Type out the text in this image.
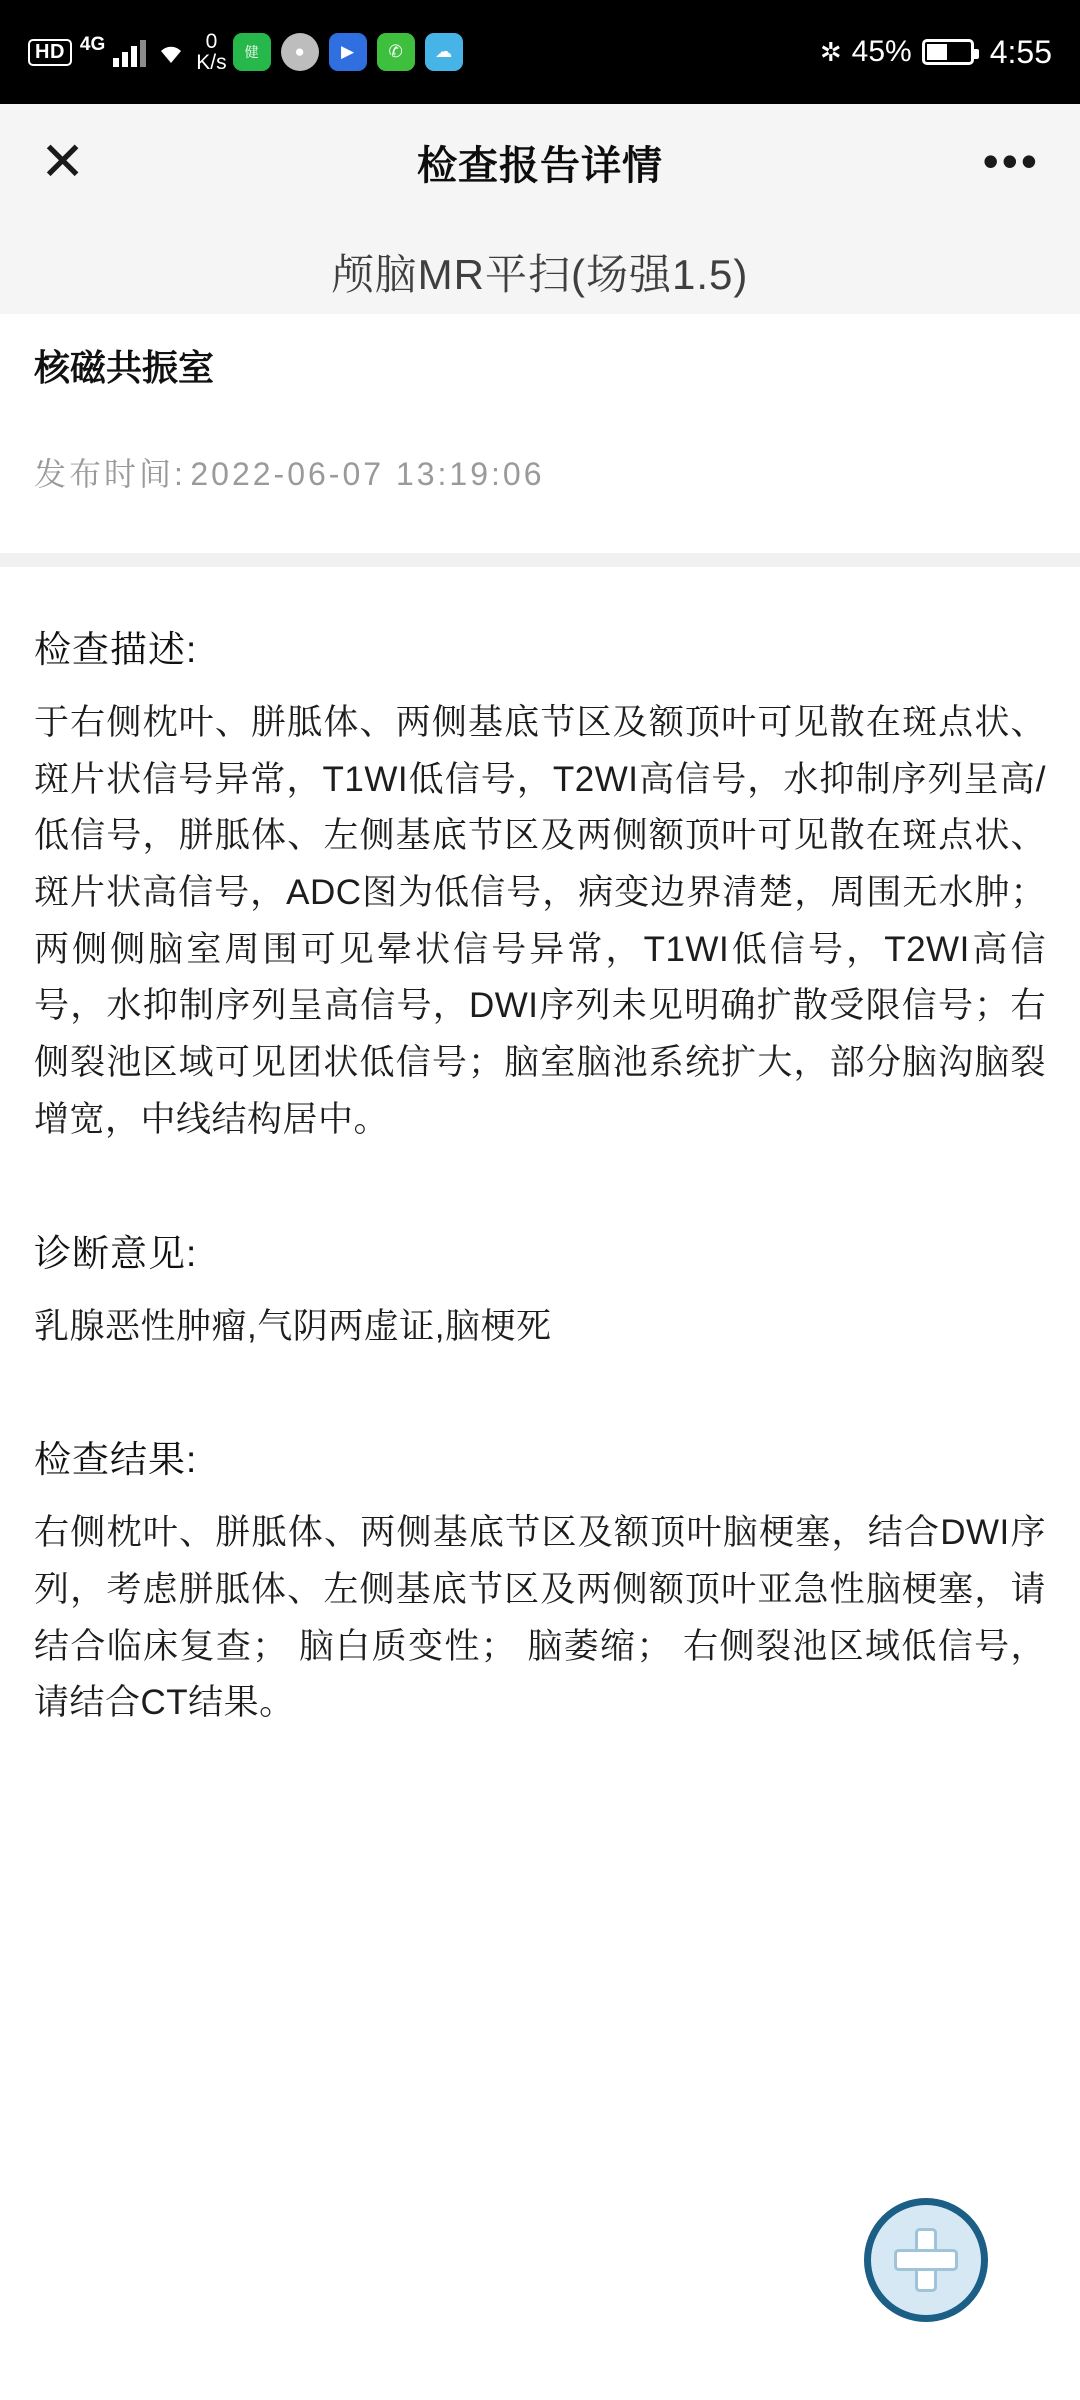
HD 4G	0
K/s	健	●	▶	✆	☁	✲ 45% 4:55
✕	检查报告详情	•••
颅脑MR平扫(场强1.5)
核磁共振室
发布时间: 2022-06-07 13:19:06
检查描述:
于右侧枕叶、胼胝体、两侧基底节区及额顶叶可见散在斑点状、斑片状信号异常，T1WI低信号，T2WI高信号，水抑制序列呈高/低信号，胼胝体、左侧基底节区及两侧额顶叶可见散在斑点状、斑片状高信号，ADC图为低信号，病变边界清楚，周围无水肿；两侧侧脑室周围可见晕状信号异常，T1WI低信号，T2WI高信号，水抑制序列呈高信号，DWI序列未见明确扩散受限信号；右侧裂池区域可见团状低信号；脑室脑池系统扩大，部分脑沟脑裂增宽，中线结构居中。
诊断意见:
乳腺恶性肿瘤,气阴两虚证,脑梗死
检查结果:
右侧枕叶、胼胝体、两侧基底节区及额顶叶脑梗塞，结合DWI序列，考虑胼胝体、左侧基底节区及两侧额顶叶亚急性脑梗塞，请结合临床复查； 脑白质变性； 脑萎缩； 右侧裂池区域低信号，请结合CT结果。
